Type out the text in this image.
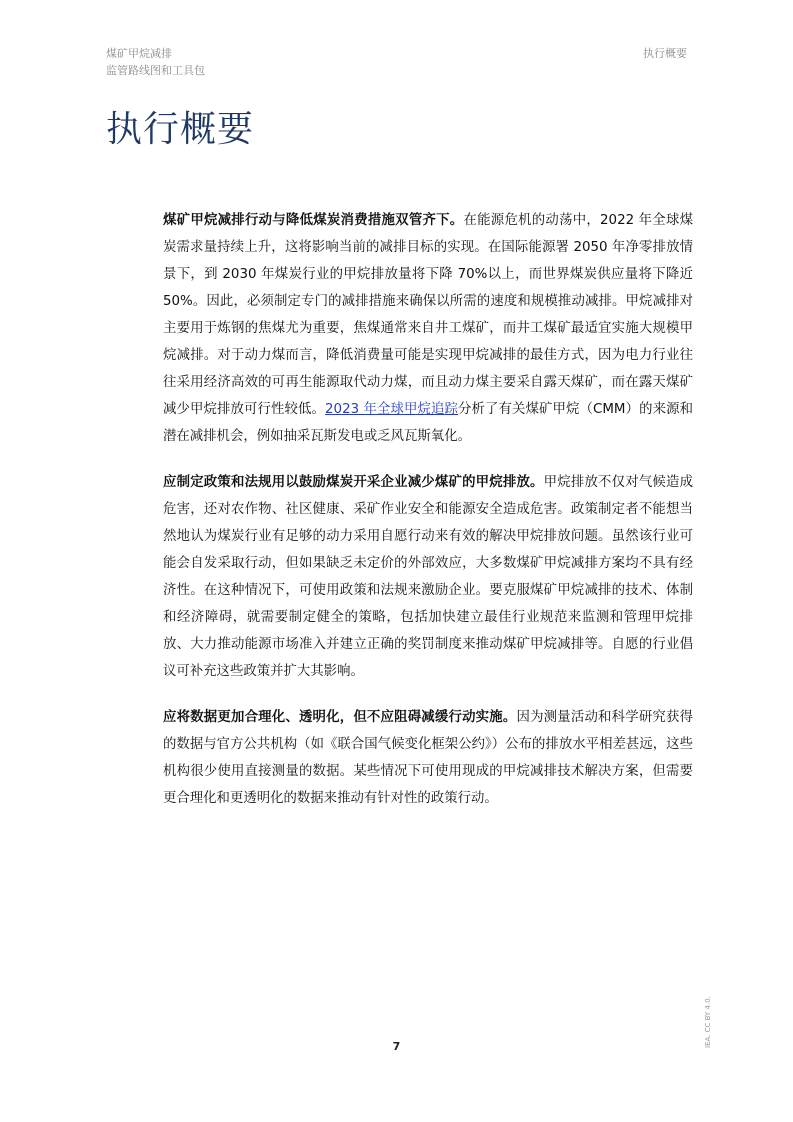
煤矿甲烷减排
监管路线图和工具包
执行概要
执行概要

煤矿甲烷减排行动与降低煤炭消费措施双管齐下。在能源危机的动荡中，2022 年全球煤炭需求量持续上升，这将影响当前的减排目标的实现。在国际能源署 2050 年净零排放情景下，到 2030 年煤炭行业的甲烷排放量将下降 70%以上，而世界煤炭供应量将下降近 50%。因此，必须制定专门的减排措施来确保以所需的速度和规模推动减排。甲烷减排对主要用于炼钢的焦煤尤为重要，焦煤通常来自井工煤矿，而井工煤矿最适宜实施大规模甲烷减排。对于动力煤而言，降低消费量可能是实现甲烷减排的最佳方式，因为电力行业往往采用经济高效的可再生能源取代动力煤，而且动力煤主要采自露天煤矿，而在露天煤矿减少甲烷排放可行性较低。2023 年全球甲烷追踪分析了有关煤矿甲烷（CMM）的来源和潜在减排机会，例如抽采瓦斯发电或乏风瓦斯氧化。

应制定政策和法规用以鼓励煤炭开采企业减少煤矿的甲烷排放。甲烷排放不仅对气候造成危害，还对农作物、社区健康、采矿作业安全和能源安全造成危害。政策制定者不能想当然地认为煤炭行业有足够的动力采用自愿行动来有效的解决甲烷排放问题。虽然该行业可能会自发采取行动，但如果缺乏未定价的外部效应，大多数煤矿甲烷减排方案均不具有经济性。在这种情况下，可使用政策和法规来激励企业。要克服煤矿甲烷减排的技术、体制和经济障碍，就需要制定健全的策略，包括加快建立最佳行业规范来监测和管理甲烷排放、大力推动能源市场准入并建立正确的奖罚制度来推动煤矿甲烷减排等。自愿的行业倡议可补充这些政策并扩大其影响。

应将数据更加合理化、透明化，但不应阻碍减缓行动实施。因为测量活动和科学研究获得的数据与官方公共机构（如《联合国气候变化框架公约》）公布的排放水平相差甚远，这些机构很少使用直接测量的数据。某些情况下可使用现成的甲烷减排技术解决方案，但需要更合理化和更透明化的数据来推动有针对性的政策行动。

7	IEA. CC BY 4.0.
